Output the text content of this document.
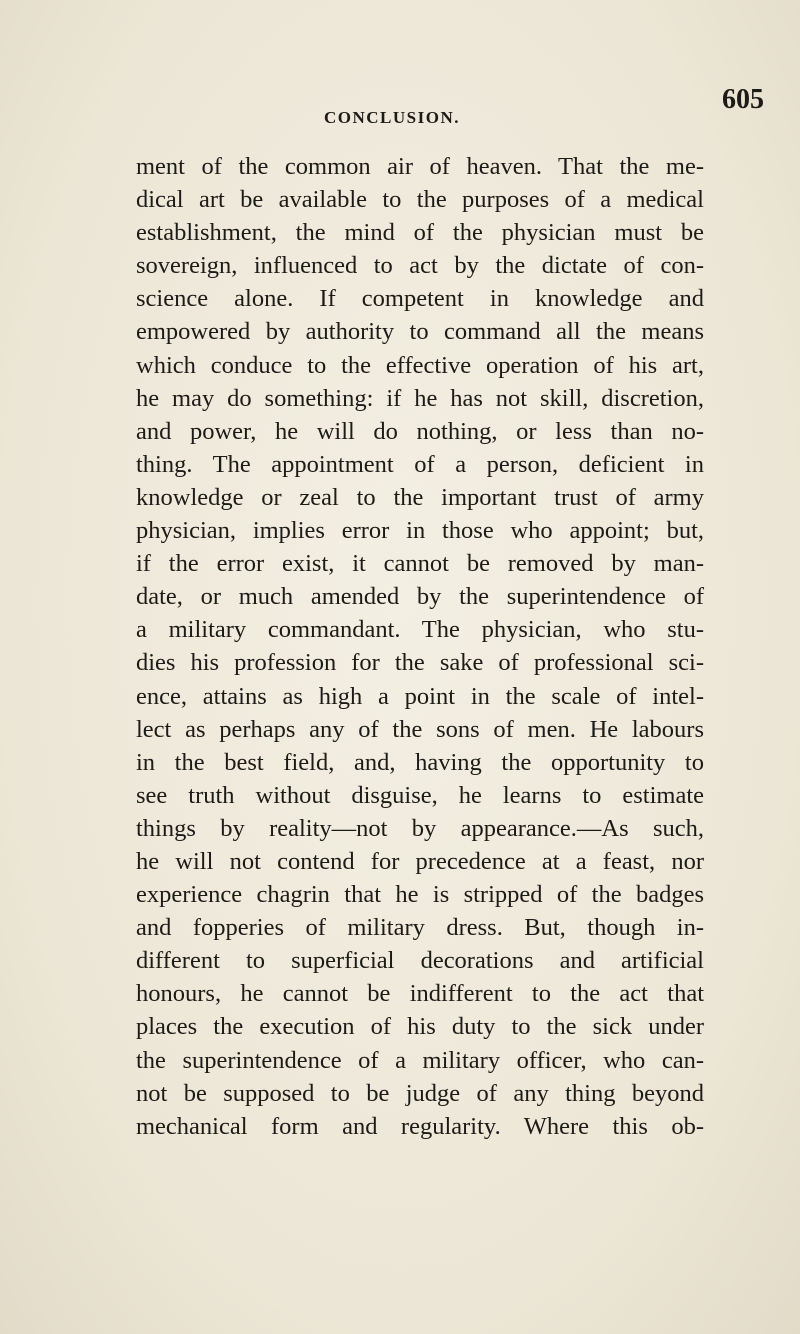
CONCLUSION.
605
ment of the common air of heaven. That the me-
dical art be available to the purposes of a medical
establishment, the mind of the physician must be
sovereign, influenced to act by the dictate of con-
science alone. If competent in knowledge and
empowered by authority to command all the means
which conduce to the effective operation of his art,
he may do something: if he has not skill, discretion,
and power, he will do nothing, or less than no-
thing. The appointment of a person, deficient in
knowledge or zeal to the important trust of army
physician, implies error in those who appoint; but,
if the error exist, it cannot be removed by man-
date, or much amended by the superintendence of
a military commandant. The physician, who stu-
dies his profession for the sake of professional sci-
ence, attains as high a point in the scale of intel-
lect as perhaps any of the sons of men. He labours
in the best field, and, having the opportunity to
see truth without disguise, he learns to estimate
things by reality—not by appearance.—As such,
he will not contend for precedence at a feast, nor
experience chagrin that he is stripped of the badges
and fopperies of military dress. But, though in-
different to superficial decorations and artificial
honours, he cannot be indifferent to the act that
places the execution of his duty to the sick under
the superintendence of a military officer, who can-
not be supposed to be judge of any thing beyond
mechanical form and regularity. Where this ob-
